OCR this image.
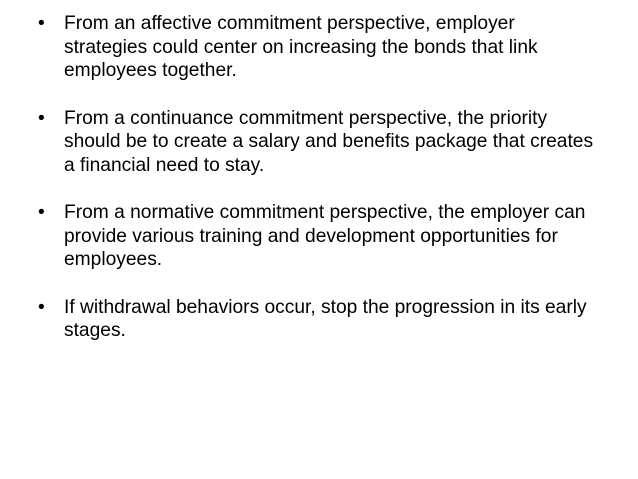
•	From an affective commitment perspective, employer strategies could center on increasing the bonds that link employees together.
•	From a continuance commitment perspective, the priority should be to create a salary and benefits package that creates a financial need to stay.
•	From a normative commitment perspective, the employer can provide various training and development opportunities for employees.
•	If withdrawal behaviors occur, stop the progression in its early stages.
